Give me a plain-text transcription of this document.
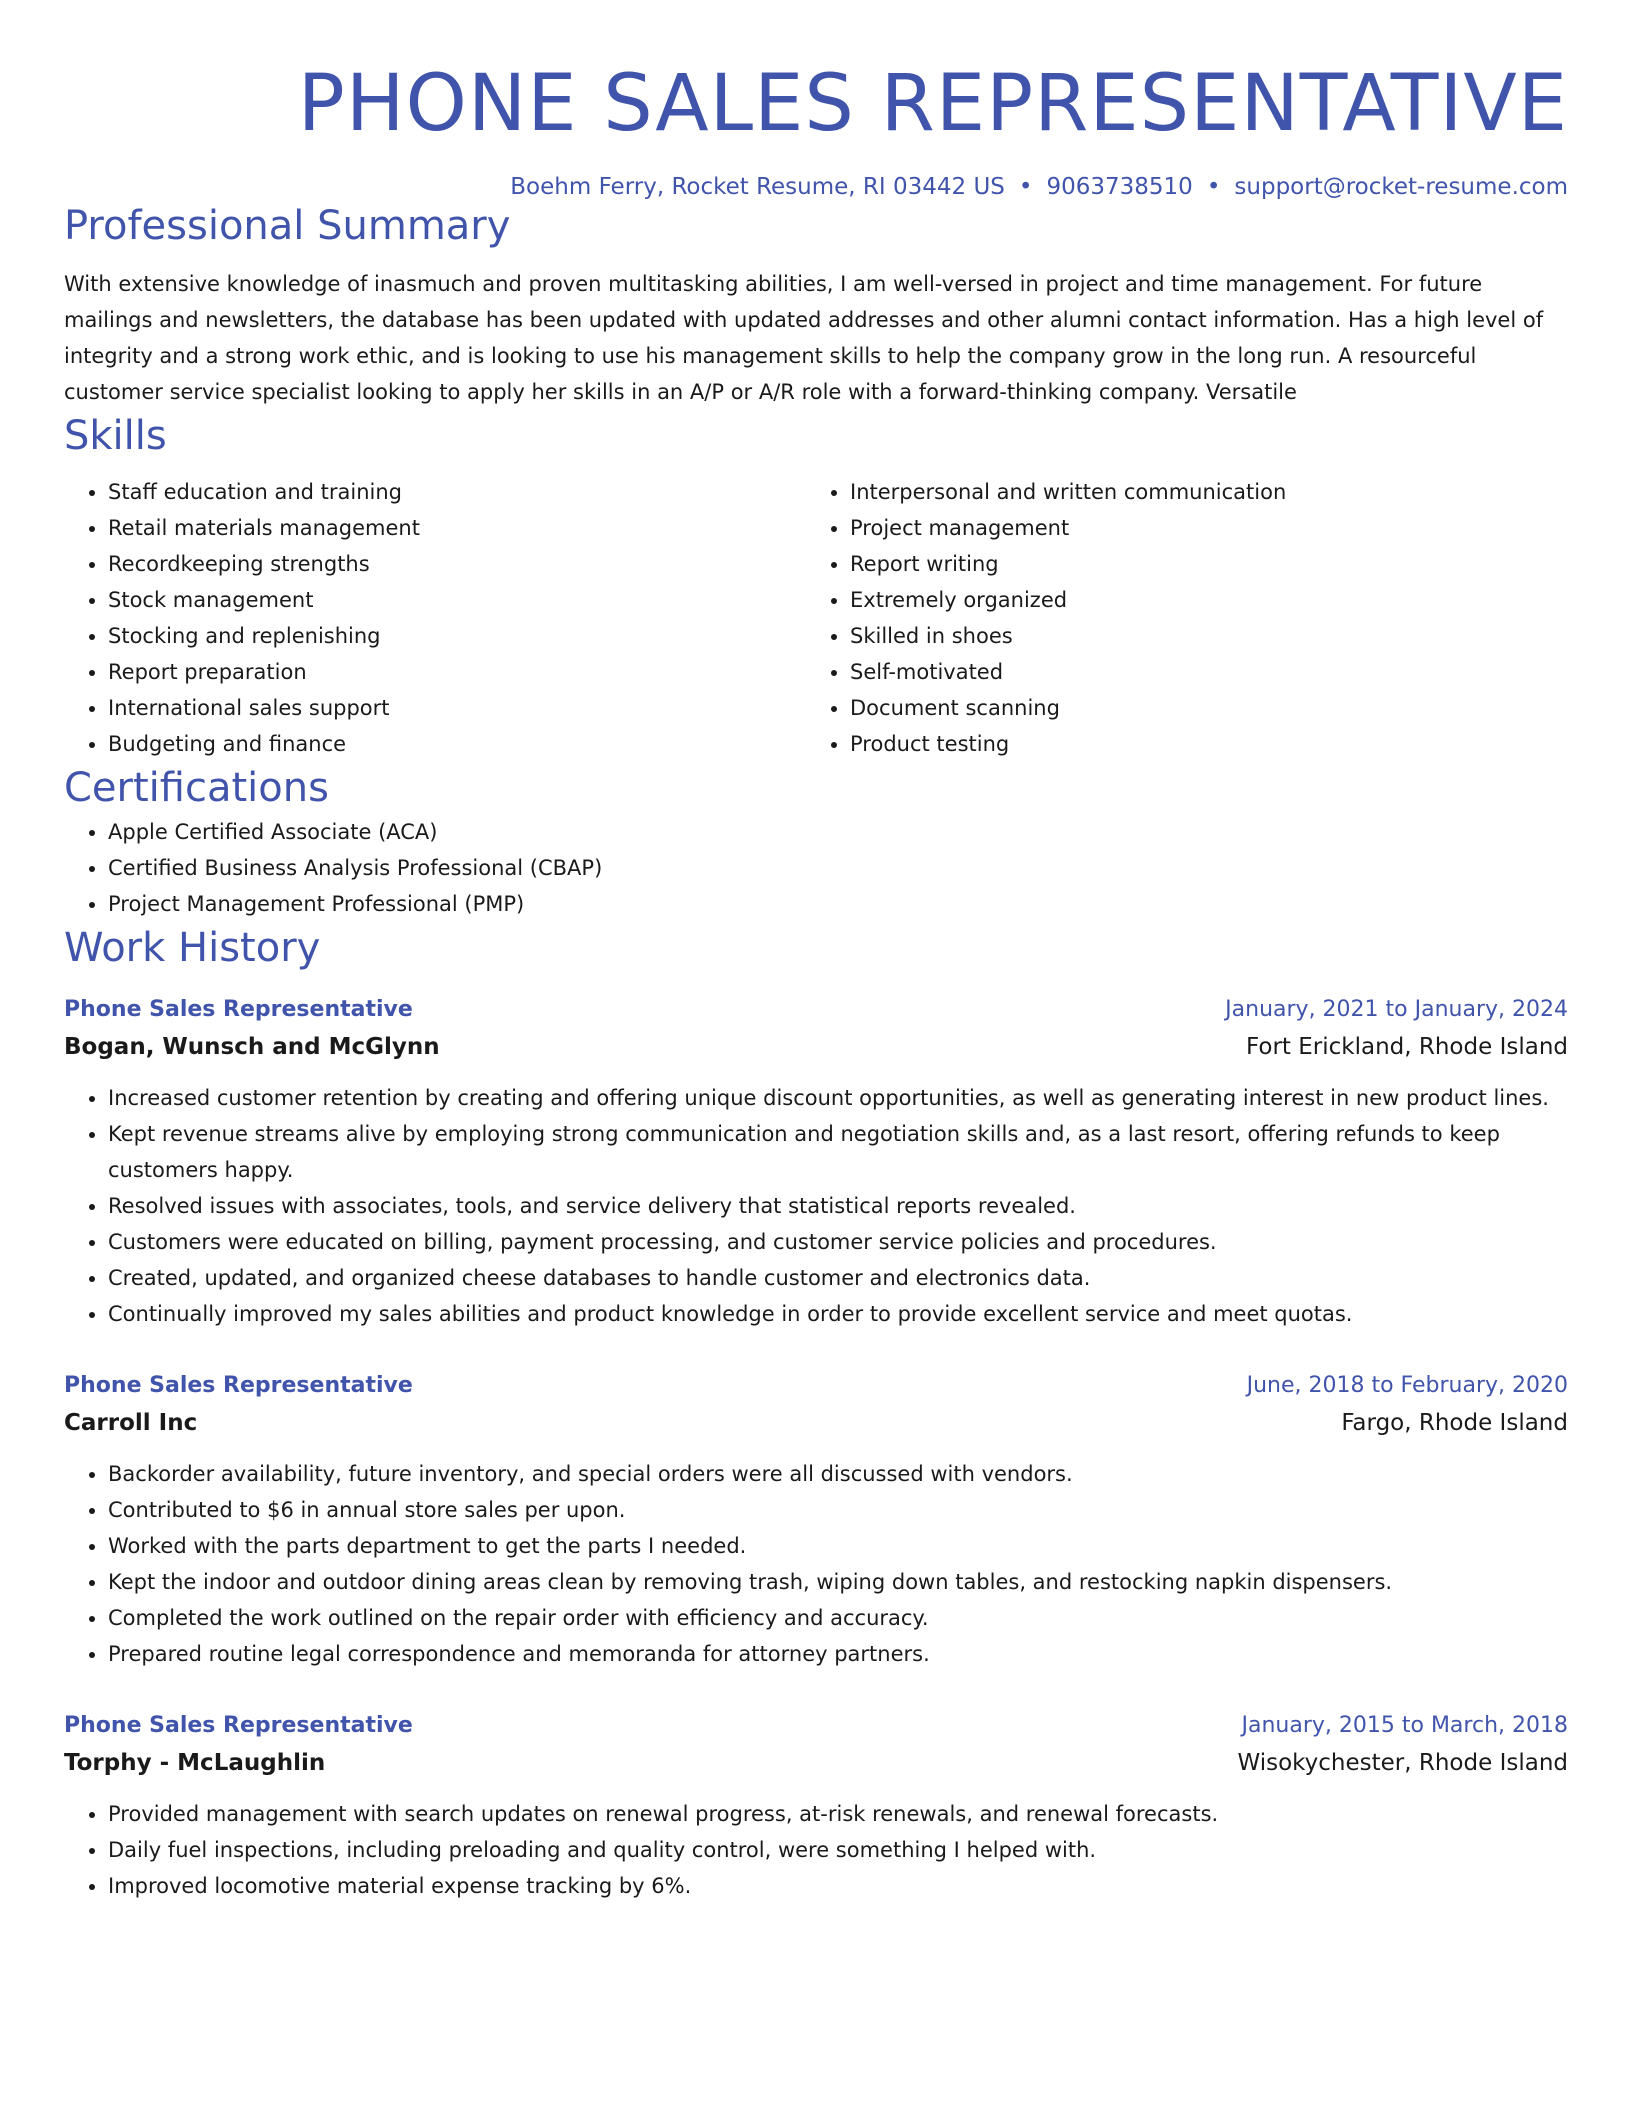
PHONE SALES REPRESENTATIVE
Boehm Ferry, Rocket Resume, RI 03442 US • 9063738510 • support@rocket-resume.com
Professional Summary
With extensive knowledge of inasmuch and proven multitasking abilities, I am well-versed in project and time management. For future mailings and newsletters, the database has been updated with updated addresses and other alumni contact information. Has a high level of integrity and a strong work ethic, and is looking to use his management skills to help the company grow in the long run. A resourceful customer service specialist looking to apply her skills in an A/P or A/R role with a forward-thinking company. Versatile
Skills
• Staff education and training
• Retail materials management
• Recordkeeping strengths
• Stock management
• Stocking and replenishing
• Report preparation
• International sales support
• Budgeting and finance
• Interpersonal and written communication
• Project management
• Report writing
• Extremely organized
• Skilled in shoes
• Self-motivated
• Document scanning
• Product testing
Certifications
• Apple Certified Associate (ACA)
• Certified Business Analysis Professional (CBAP)
• Project Management Professional (PMP)
Work History
Phone Sales Representative	January, 2021 to January, 2024
Bogan, Wunsch and McGlynn	Fort Erickland, Rhode Island
• Increased customer retention by creating and offering unique discount opportunities, as well as generating interest in new product lines.
• Kept revenue streams alive by employing strong communication and negotiation skills and, as a last resort, offering refunds to keep customers happy.
• Resolved issues with associates, tools, and service delivery that statistical reports revealed.
• Customers were educated on billing, payment processing, and customer service policies and procedures.
• Created, updated, and organized cheese databases to handle customer and electronics data.
• Continually improved my sales abilities and product knowledge in order to provide excellent service and meet quotas.
Phone Sales Representative	June, 2018 to February, 2020
Carroll Inc	Fargo, Rhode Island
• Backorder availability, future inventory, and special orders were all discussed with vendors.
• Contributed to $6 in annual store sales per upon.
• Worked with the parts department to get the parts I needed.
• Kept the indoor and outdoor dining areas clean by removing trash, wiping down tables, and restocking napkin dispensers.
• Completed the work outlined on the repair order with efficiency and accuracy.
• Prepared routine legal correspondence and memoranda for attorney partners.
Phone Sales Representative	January, 2015 to March, 2018
Torphy - McLaughlin	Wisokychester, Rhode Island
• Provided management with search updates on renewal progress, at-risk renewals, and renewal forecasts.
• Daily fuel inspections, including preloading and quality control, were something I helped with.
• Improved locomotive material expense tracking by 6%.
